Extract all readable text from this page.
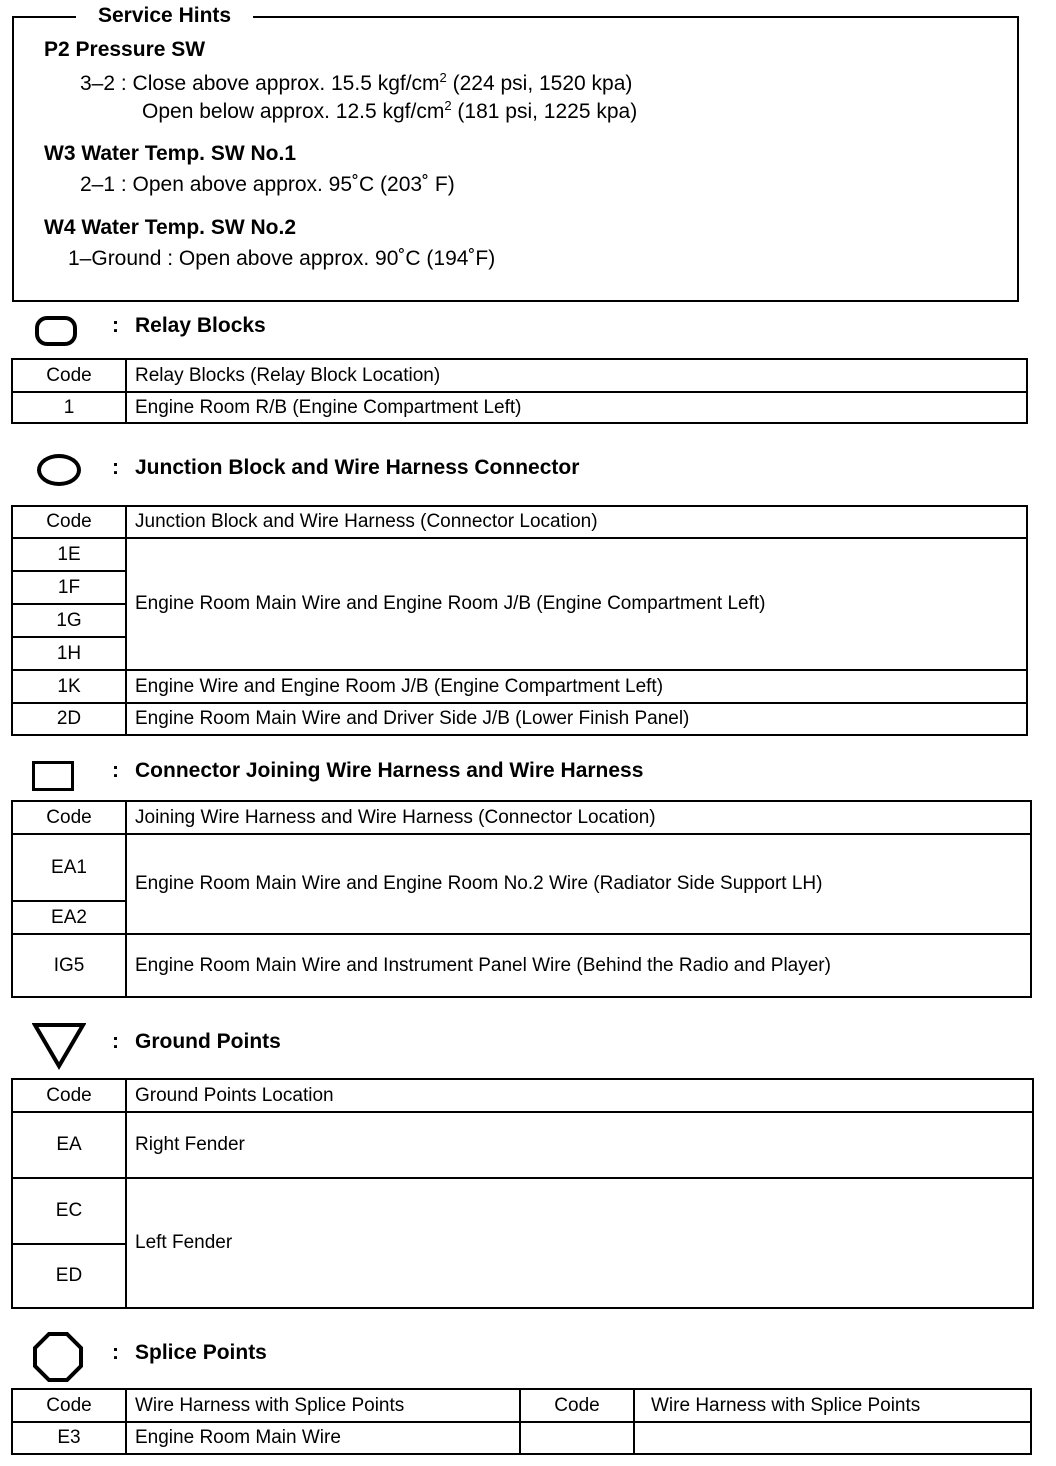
Service Hints
P2 Pressure SW
3–2 : Close above approx. 15.5 kgf/$cm^2$ (224 psi, 1520 kpa)
Open below approx. 12.5 kgf/$cm^2$ (181 psi, 1225 kpa)
W3 Water Temp. SW No.1
2–1 : Open above approx. 95˚C (203˚ F)
W4 Water Temp. SW No.2
1–Ground : Open above approx. 90˚C (194˚F)
: Relay Blocks
Code	Relay Blocks (Relay Block Location)
1	Engine Room R/B (Engine Compartment Left)
: Junction Block and Wire Harness Connector
Code	Junction Block and Wire Harness (Connector Location)
1E	Engine Room Main Wire and Engine Room J/B (Engine Compartment Left)
1F	
1G	
1H	
1K	Engine Wire and Engine Room J/B (Engine Compartment Left)
2D	Engine Room Main Wire and Driver Side J/B (Lower Finish Panel)
: Connector Joining Wire Harness and Wire Harness
Code	Joining Wire Harness and Wire Harness (Connector Location)
EA1	Engine Room Main Wire and Engine Room No.2 Wire (Radiator Side Support LH)
EA2	
IG5	Engine Room Main Wire and Instrument Panel Wire (Behind the Radio and Player)
: Ground Points
Code	Ground Points Location
EA	Right Fender
EC	Left Fender
ED	
: Splice Points
Code	Wire Harness with Splice Points	Code	Wire Harness with Splice Points
E3	Engine Room Main Wire		
